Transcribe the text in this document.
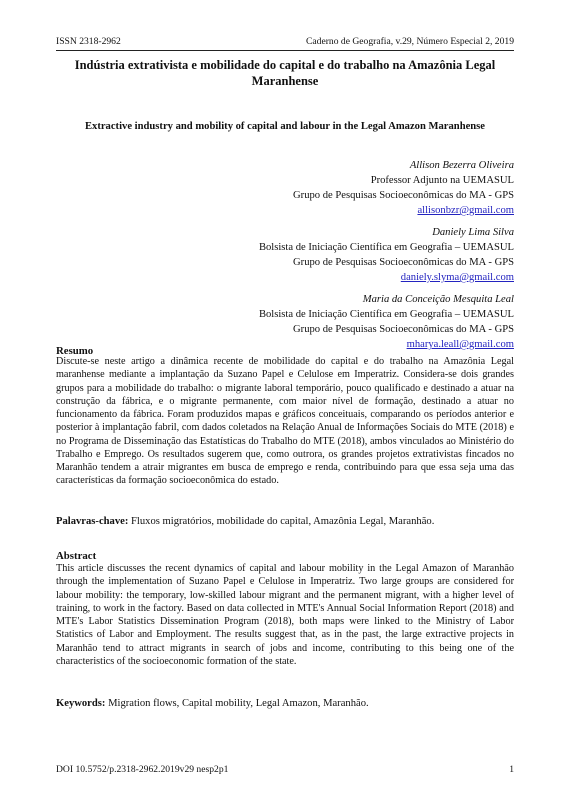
ISSN 2318-2962	Caderno de Geografia, v.29, Número Especial 2, 2019
Indústria extrativista e mobilidade do capital e do trabalho na Amazônia Legal
Maranhense
Extractive industry and mobility of capital and labour in the Legal Amazon Maranhense
Allison Bezerra Oliveira
Professor Adjunto na UEMASUL
Grupo de Pesquisas Socioeconômicas do MA - GPS
allisonbzr@gmail.com
Daniely Lima Silva
Bolsista de Iniciação Científica em Geografia – UEMASUL
Grupo de Pesquisas Socioeconômicas do MA - GPS
daniely.slyma@gmail.com
Maria da Conceição Mesquita Leal
Bolsista de Iniciação Científica em Geografia – UEMASUL
Grupo de Pesquisas Socioeconômicas do MA - GPS
mharya.leall@gmail.com
Resumo
Discute-se neste artigo a dinâmica recente de mobilidade do capital e do trabalho na Amazônia Legal maranhense mediante a implantação da Suzano Papel e Celulose em Imperatriz. Considera-se dois grandes grupos para a mobilidade do trabalho: o migrante laboral temporário, pouco qualificado e destinado a atuar na construção da fábrica, e o migrante permanente, com maior nível de formação, destinado a atuar no funcionamento da fábrica. Foram produzidos mapas e gráficos conceituais, comparando os períodos anterior e posterior à implantação fabril, com dados coletados na Relação Anual de Informações Sociais do MTE (2018) e no Programa de Disseminação das Estatísticas do Trabalho do MTE (2018), ambos vinculados ao Ministério do Trabalho e Emprego. Os resultados sugerem que, como outrora, os grandes projetos extrativistas fincados no Maranhão tendem a atrair migrantes em busca de emprego e renda, contribuindo para que essa seja uma das características da formação socioeconômica do estado.
Palavras-chave: Fluxos migratórios, mobilidade do capital, Amazônia Legal, Maranhão.
Abstract
This article discusses the recent dynamics of capital and labour mobility in the Legal Amazon of Maranhão through the implementation of Suzano Papel e Celulose in Imperatriz. Two large groups are considered for labour mobility: the temporary, low-skilled labour migrant and the permanent migrant, with a higher level of training, to work in the factory. Based on data collected in MTE's Annual Social Information Report (2018) and MTE's Labor Statistics Dissemination Program (2018), both maps were linked to the Ministry of Labor Statistics of Labor and Employment. The results suggest that, as in the past, the large extractive projects in Maranhão tend to attract migrants in search of jobs and income, contributing to this being one of the characteristics of the socioeconomic formation of the state.
Keywords: Migration flows, Capital mobility, Legal Amazon, Maranhão.
DOI 10.5752/p.2318-2962.2019v29 nesp2p1	1
